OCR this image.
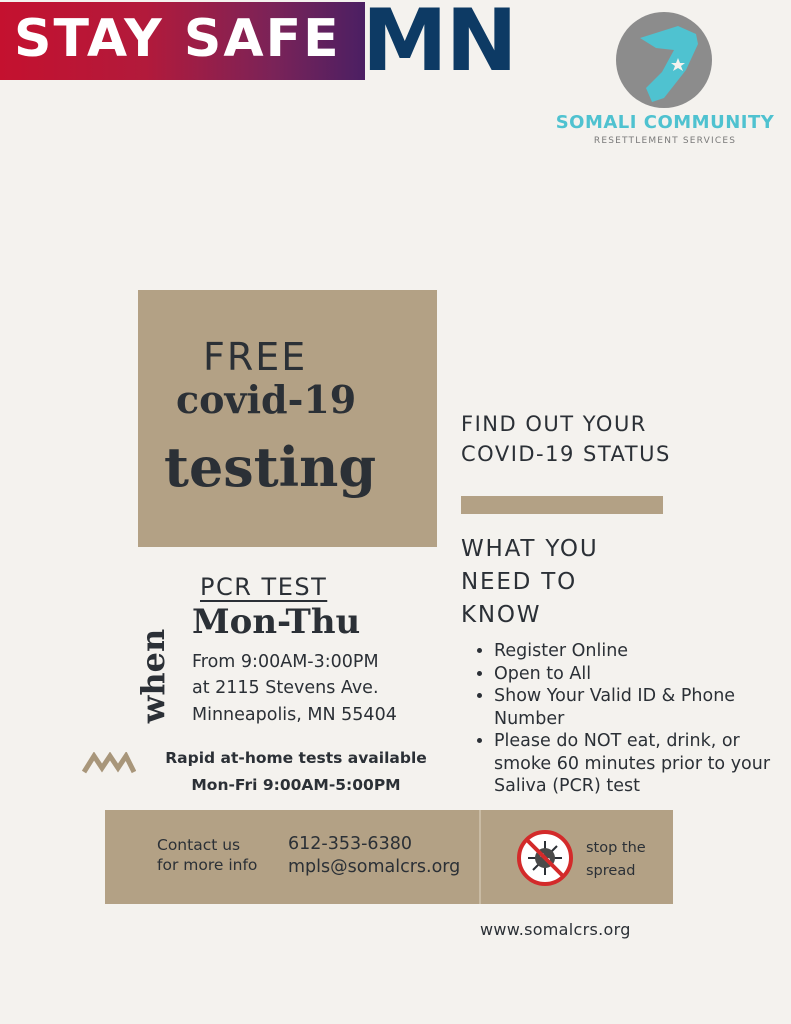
STAY SAFE MN
SOMALI COMMUNITY
RESETTLEMENT SERVICES
FREE
covid-19
testing
FIND OUT YOUR
COVID-19 STATUS
WHAT YOU
NEED TO
KNOW
• Register Online
• Open to All
• Show Your Valid ID & Phone Number
• Please do NOT eat, drink, or smoke 60 minutes prior to your Saliva (PCR) test
when
PCR TEST
Mon-Thu
From 9:00AM-3:00PM
at 2115 Stevens Ave.
Minneapolis, MN 55404
Rapid at-home tests available
Mon-Fri 9:00AM-5:00PM
Contact us
for more info
612-353-6380
mpls@somalcrs.org
stop the
spread
www.somalcrs.org
